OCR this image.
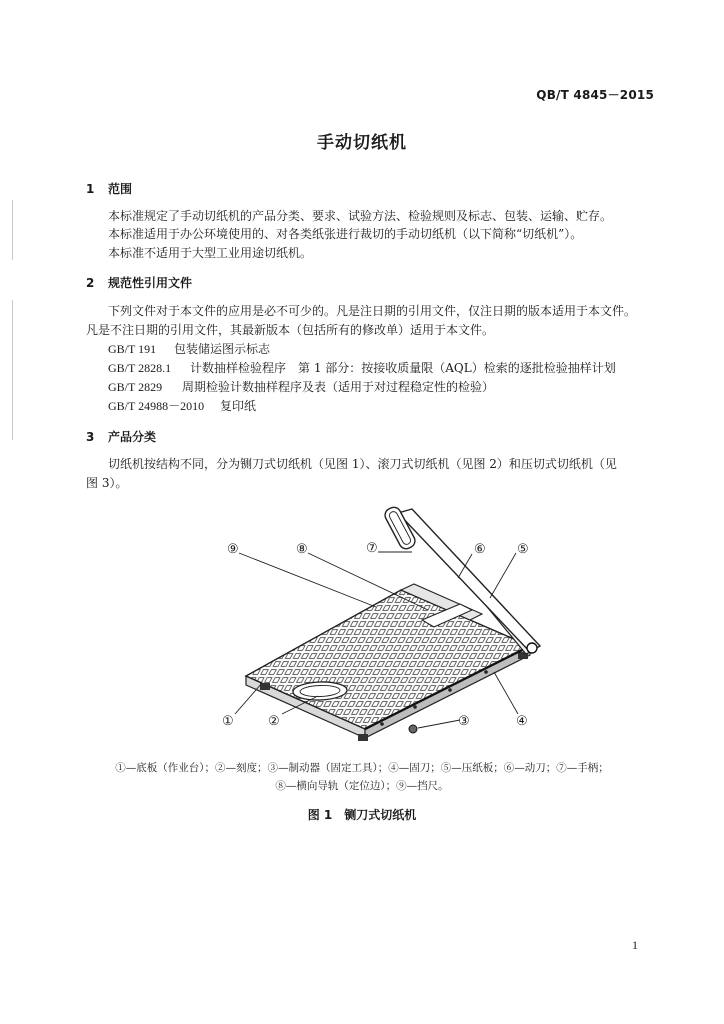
QB/T 4845－2015
手动切纸机
1 范围
本标准规定了手动切纸机的产品分类、要求、试验方法、检验规则及标志、包装、运输、贮存。
本标准适用于办公环境使用的、对各类纸张进行裁切的手动切纸机（以下简称“切纸机”）。
本标准不适用于大型工业用途切纸机。
2 规范性引用文件
下列文件对于本文件的应用是必不可少的。凡是注日期的引用文件，仅注日期的版本适用于本文件。
凡是不注日期的引用文件，其最新版本（包括所有的修改单）适用于本文件。
GB/T 191 包装储运图示标志
GB/T 2828.1 计数抽样检验程序　第 1 部分：按接收质量限（AQL）检索的逐批检验抽样计划
GB/T 2829 周期检验计数抽样程序及表（适用于对过程稳定性的检验）
GB/T 24988－2010 复印纸
3 产品分类
切纸机按结构不同，分为铡刀式切纸机（见图 1）、滚刀式切纸机（见图 2）和压切式切纸机（见
图 3）。
⑨	⑧	⑦	⑥ ⑤
①	②	③	④
①—底板（作业台）；②—刻度；③—制动器（固定工具）；④—固刀；⑤—压纸板；⑥—动刀；⑦—手柄；
⑧—横向导轨（定位边）；⑨—挡尺。
图 1　铡刀式切纸机
1
